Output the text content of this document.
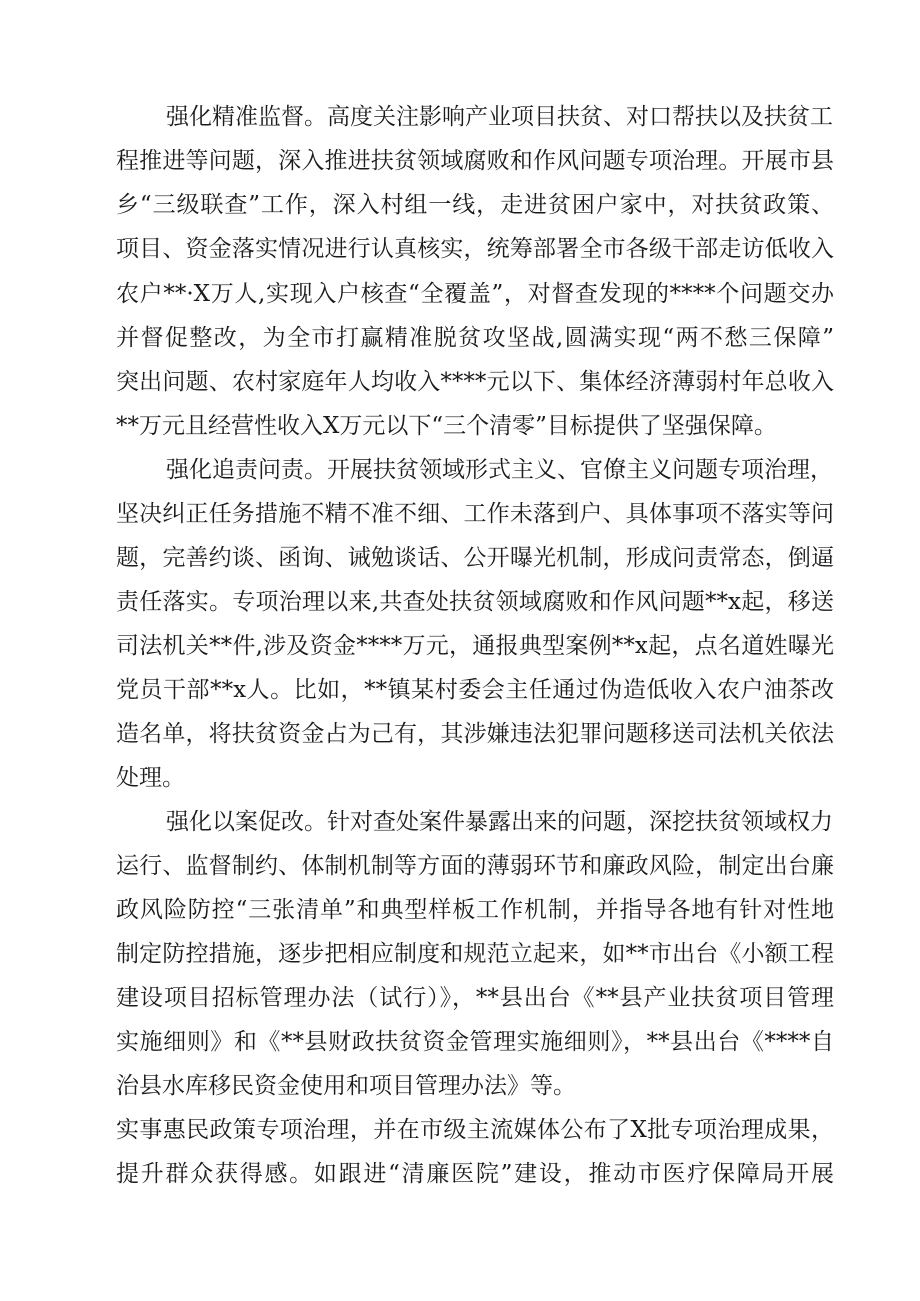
强化精准监督。高度关注影响产业项目扶贫、对口帮扶以及扶贫工
程推进等问题，深入推进扶贫领域腐败和作风问题专项治理。开展市县
乡“三级联查”工作，深入村组一线，走进贫困户家中，对扶贫政策、
项目、资金落实情况进行认真核实，统筹部署全市各级干部走访低收入
农户**·X万人,实现入户核查“全覆盖”，对督查发现的****个问题交办
并督促整改，为全市打赢精准脱贫攻坚战,圆满实现“两不愁三保障”
突出问题、农村家庭年人均收入****元以下、集体经济薄弱村年总收入
**万元且经营性收入X万元以下“三个清零”目标提供了坚强保障。
强化追责问责。开展扶贫领域形式主义、官僚主义问题专项治理，
坚决纠正任务措施不精不准不细、工作未落到户、具体事项不落实等问
题，完善约谈、函询、诫勉谈话、公开曝光机制，形成问责常态，倒逼
责任落实。专项治理以来,共查处扶贫领域腐败和作风问题**x起，移送
司法机关**件,涉及资金****万元，通报典型案例**x起，点名道姓曝光
党员干部**x人。比如，**镇某村委会主任通过伪造低收入农户油茶改
造名单，将扶贫资金占为己有，其涉嫌违法犯罪问题移送司法机关依法
处理。
强化以案促改。针对查处案件暴露出来的问题，深挖扶贫领域权力
运行、监督制约、体制机制等方面的薄弱环节和廉政风险，制定出台廉
政风险防控“三张清单”和典型样板工作机制，并指导各地有针对性地
制定防控措施，逐步把相应制度和规范立起来，如**市出台《小额工程
建设项目招标管理办法（试行）》，**县出台《**县产业扶贫项目管理
实施细则》和《**县财政扶贫资金管理实施细则》，**县出台《****自
治县水库移民资金使用和项目管理办法》等。
实事惠民政策专项治理，并在市级主流媒体公布了X批专项治理成果，
提升群众获得感。如跟进“清廉医院”建设，推动市医疗保障局开展
